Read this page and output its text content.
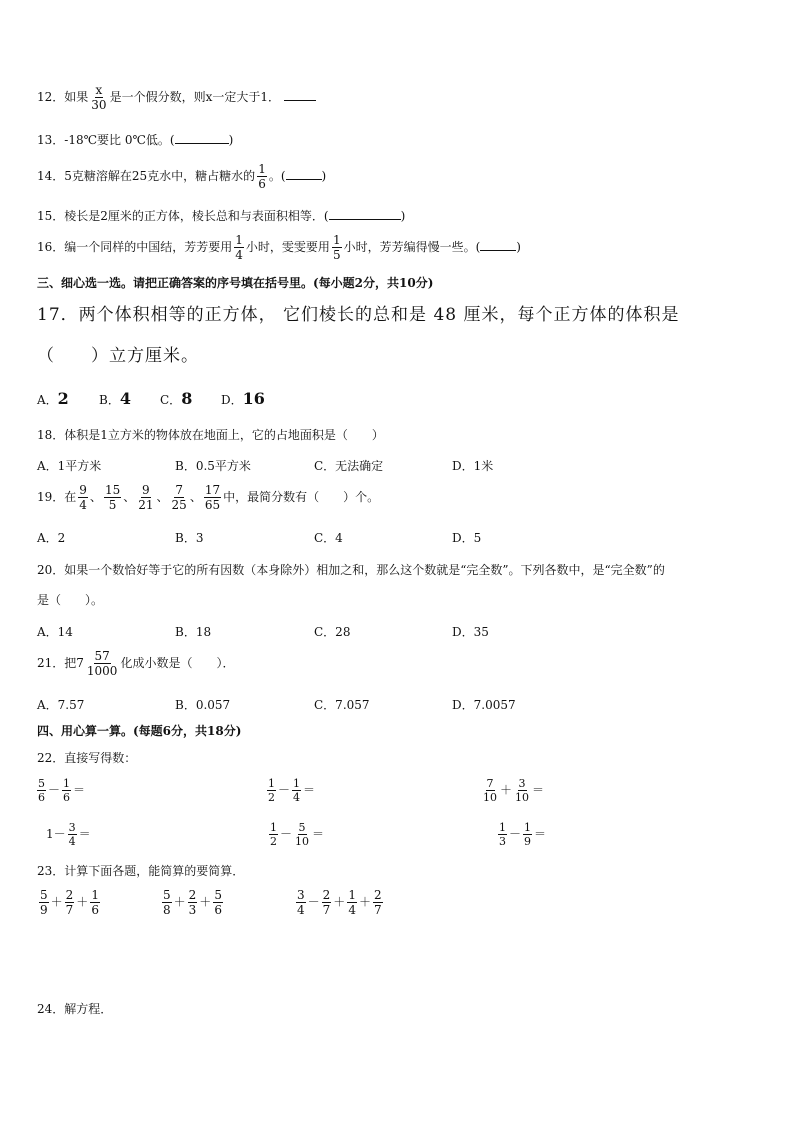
12．如果 $\frac{x}{30}$ 是一个假分数，则x一定大于1．
13．-18℃要比 0℃低。(	)
14．5克糖溶解在25克水中，糖占糖水的 $\frac{1}{6}$ 。(	)
15．棱长是2厘米的正方体，棱长总和与表面积相等．(	)
16．编一个同样的中国结，芳芳要用 $\frac{1}{4}$ 小时，雯雯要用 $\frac{1}{5}$ 小时，芳芳编得慢一些。(	)
三、细心选一选。请把正确答案的序号填在括号里。(每小题2分，共10分)
17．两个体积相等的正方体， 它们棱长的总和是 48 厘米，每个正方体的体积是
（　　）立方厘米。
A．2	B．4 C．8 D．16
18．体积是1立方米的物体放在地面上，它的占地面积是（　　）
A．1平方米	B．0.5平方米	C．无法确定	D．1米
19．在 $\frac{9}{4}$ 、 $\frac{15}{5}$ 、 $\frac{9}{21}$ 、 $\frac{7}{25}$ 、 $\frac{17}{65}$ 中，最简分数有（　　）个。
A．2	B．3	C．4	D．5
20．如果一个数恰好等于它的所有因数（本身除外）相加之和，那么这个数就是“完全数”。下列各数中，是“完全数”的
是（　　）。
A．14	B．18	C．28	D．35
21．把$7 \frac{57}{1000}$ 化成小数是（　　）．
A．7.57	B．0.057	C．7.057	D．7.0057
四、用心算一算。(每题6分，共18分)
22．直接写得数：
$\frac{5}{6} - \frac{1}{6}$ ＝	$\frac{1}{2} - \frac{1}{4}$ ＝	$\frac{7}{10} + \frac{3}{10}$ ＝
$1- \frac{3}{4}$ ＝	$\frac{1}{2} - \frac{5}{10}$ ＝	$\frac{1}{3} - \frac{1}{9}$ ＝
23．计算下面各题，能简算的要简算．
$\frac{5}{9} + \frac{2}{7} + \frac{1}{6}$	$\frac{5}{8} + \frac{2}{3} + \frac{5}{6}$	$\frac{3}{4} - \frac{2}{7} + \frac{1}{4} + \frac{2}{7}$
24．解方程．
